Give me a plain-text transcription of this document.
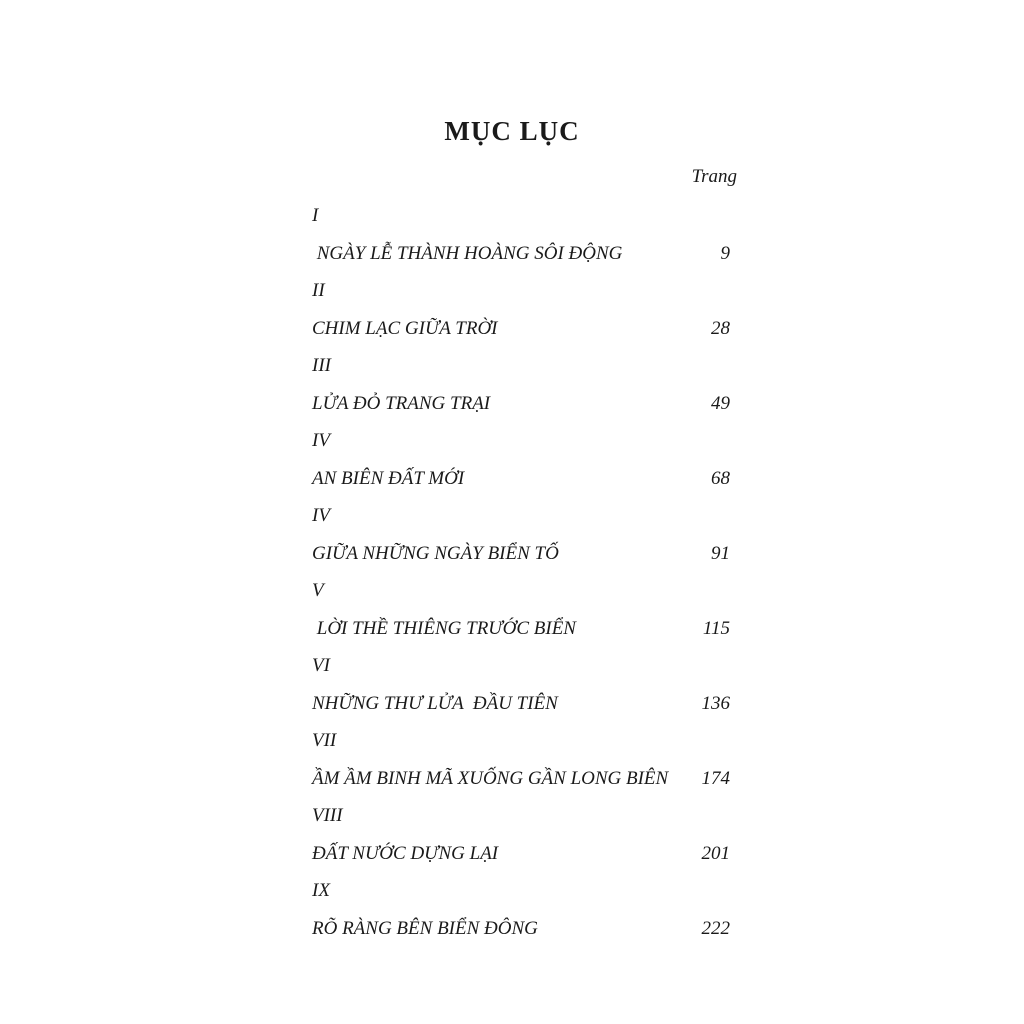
MỤC LỤC
Trang
I
NGÀY LỄ THÀNH HOÀNG SÔI ĐỘNG	9
II
CHIM LẠC GIỮA TRỜI	28
III
LỬA ĐỎ TRANG TRẠI	49
IV
AN BIÊN ĐẤT MỚI	68
IV
GIỮA NHỮNG NGÀY BIỂN TỐ	91
V
LỜI THỀ THIÊNG TRƯỚC BIỂN	115
VI
NHỮNG THƯ LỬA  ĐẦU TIÊN	136
VII
ẦM ẦM BINH MÃ XUỐNG GẦN LONG BIÊN 174
VIII
ĐẤT NƯỚC DỰNG LẠI	201
IX
RÕ RÀNG BÊN BIỂN ĐÔNG	222
